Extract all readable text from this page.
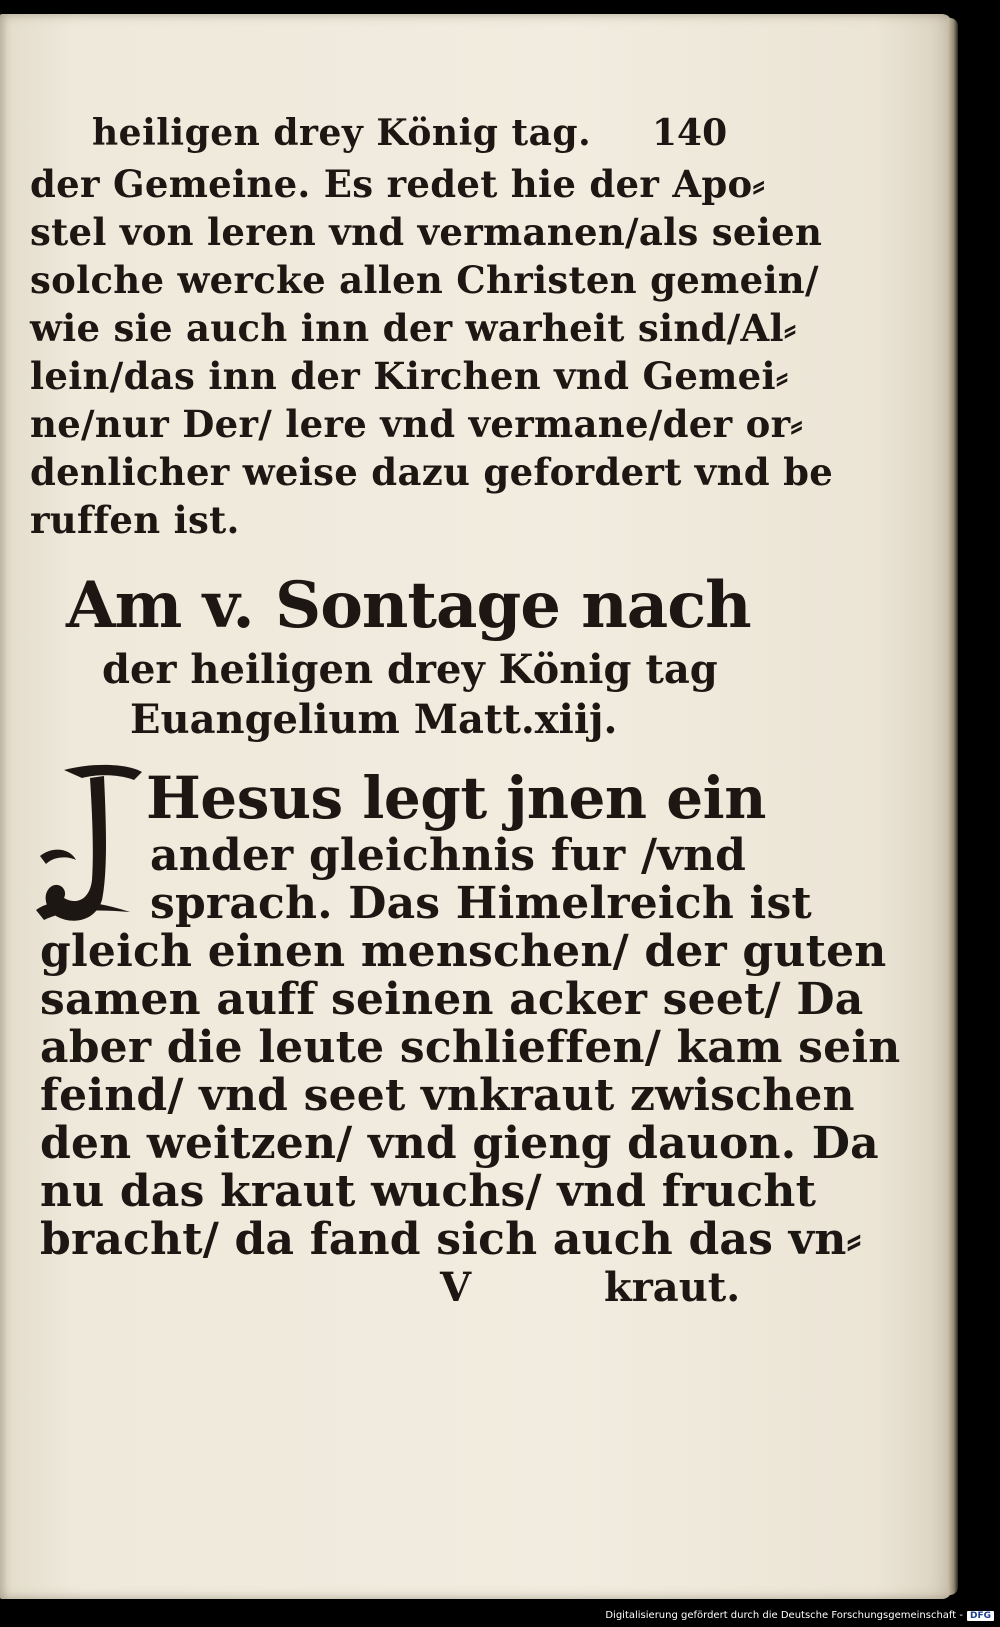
heiligen drey König tag. 140

der Gemeine. Es redet hie der Apo⸗

stel von leren vnd vermanen/als seien

solche wercke allen Christen gemein/

wie sie auch inn der warheit sind/Al⸗

lein/das inn der Kirchen vnd Gemei⸗

ne/nur Der/ lere vnd vermane/der or⸗

denlicher weise dazu gefordert vnd be

ruffen ist.

Am v. Sontage nach

der heiligen drey König tag

Euangelium Matt.xiij.

J Hesus legt jnen ein

ander gleichnis fur /vnd

sprach. Das Himelreich ist

gleich einen menschen/ der guten

samen auff seinen acker seet/ Da

aber die leute schlieffen/ kam sein

feind/ vnd seet vnkraut zwischen

den weitzen/ vnd gieng dauon. Da

nu das kraut wuchs/ vnd frucht

bracht/ da fand sich auch das vn⸗

V	kraut.

Digitalisierung gefördert durch die Deutsche Forschungsgemeinschaft - DFG
